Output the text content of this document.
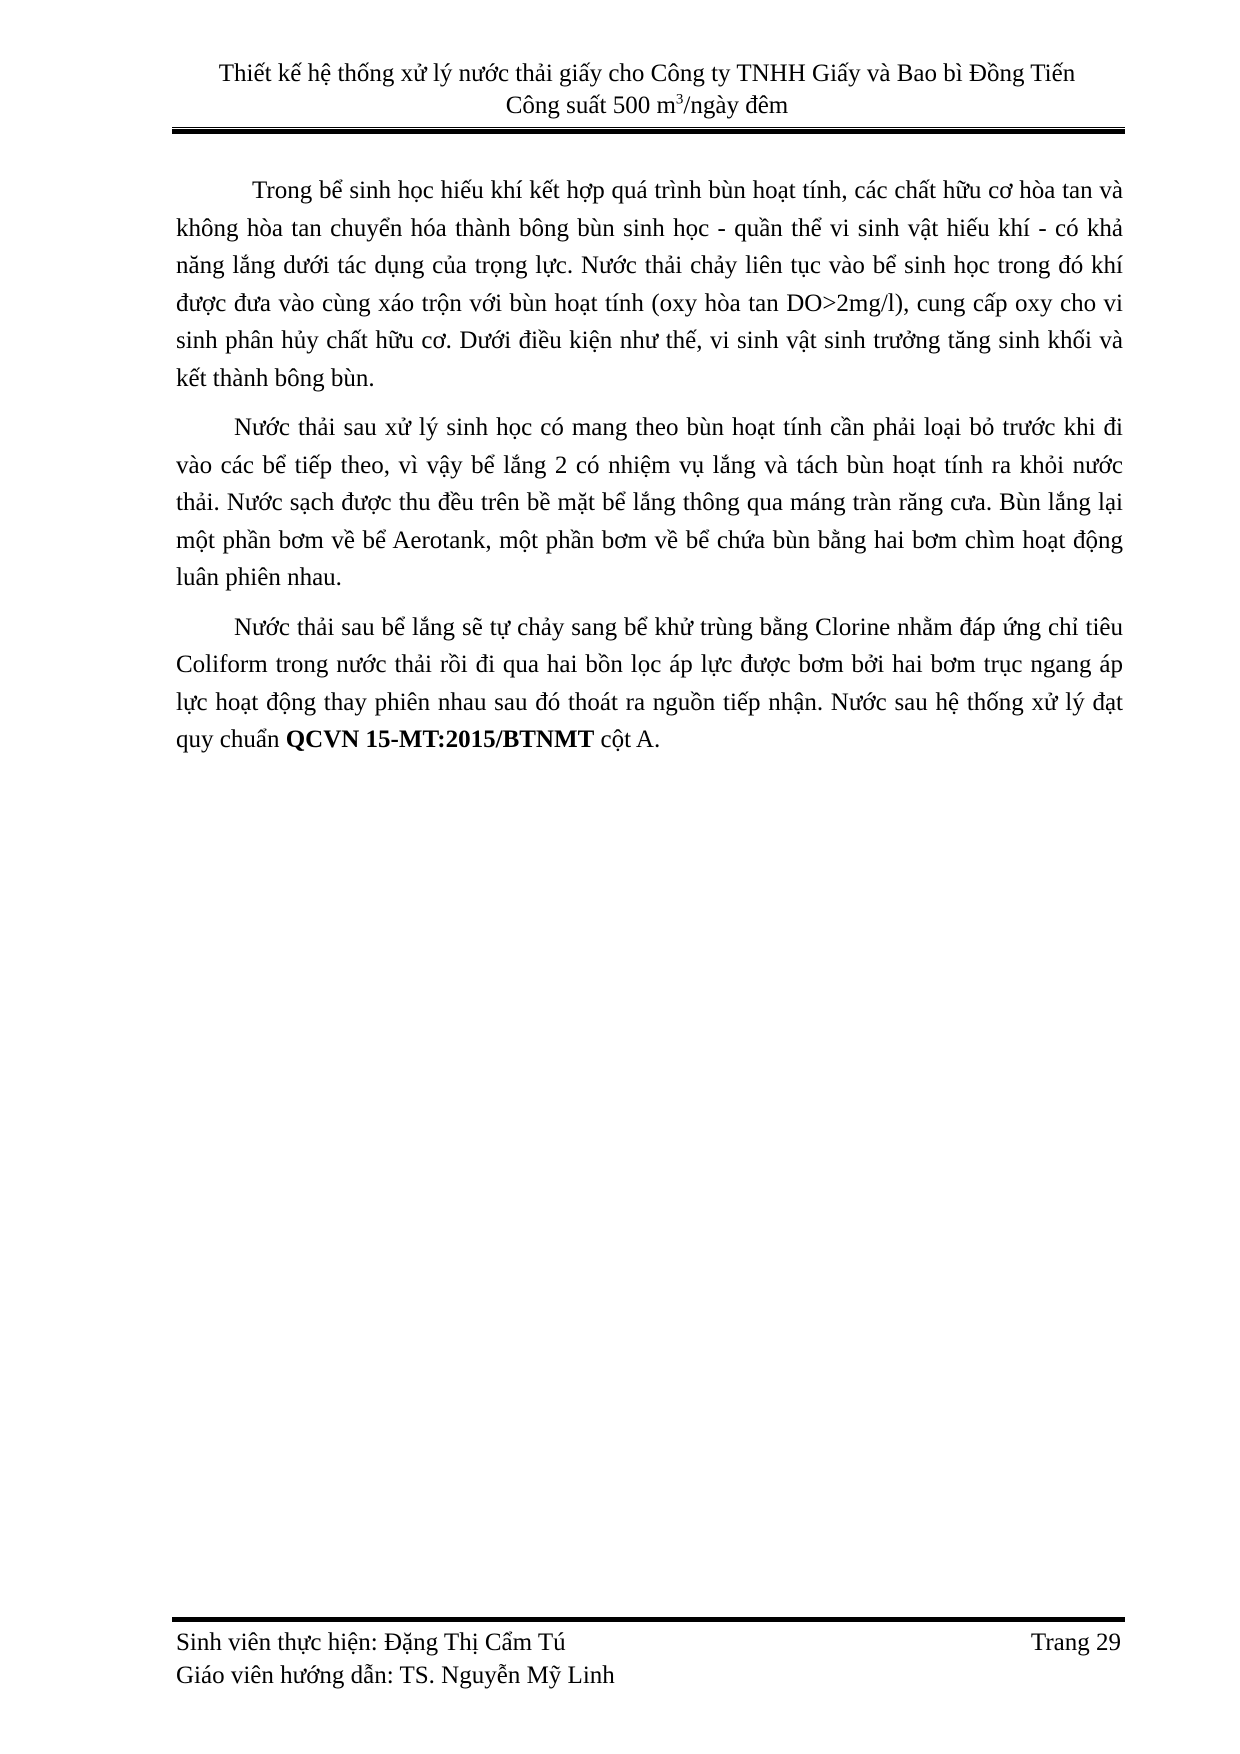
Thiết kế hệ thống xử lý nước thải giấy cho Công ty TNHH Giấy và Bao bì Đồng Tiến
Công suất 500 $m^3$/ngày đêm

Trong bể sinh học hiếu khí kết hợp quá trình bùn hoạt tính, các chất hữu cơ hòa tan và không hòa tan chuyển hóa thành bông bùn sinh học - quần thể vi sinh vật hiếu khí - có khả năng lắng dưới tác dụng của trọng lực. Nước thải chảy liên tục vào bể sinh học trong đó khí được đưa vào cùng xáo trộn với bùn hoạt tính (oxy hòa tan DO>2mg/l), cung cấp oxy cho vi sinh phân hủy chất hữu cơ. Dưới điều kiện như thế, vi sinh vật sinh trưởng tăng sinh khối và kết thành bông bùn.

Nước thải sau xử lý sinh học có mang theo bùn hoạt tính cần phải loại bỏ trước khi đi vào các bể tiếp theo, vì vậy bể lắng 2 có nhiệm vụ lắng và tách bùn hoạt tính ra khỏi nước thải. Nước sạch được thu đều trên bề mặt bể lắng thông qua máng tràn răng cưa. Bùn lắng lại một phần bơm về bể Aerotank, một phần bơm về bể chứa bùn bằng hai bơm chìm hoạt động luân phiên nhau.

Nước thải sau bể lắng sẽ tự chảy sang bể khử trùng bằng Clorine nhằm đáp ứng chỉ tiêu Coliform trong nước thải rồi đi qua hai bồn lọc áp lực được bơm bởi hai bơm trục ngang áp lực hoạt động thay phiên nhau sau đó thoát ra nguồn tiếp nhận. Nước sau hệ thống xử lý đạt quy chuẩn QCVN 15-MT:2015/BTNMT cột A.

Sinh viên thực hiện: Đặng Thị Cẩm Tú	Trang 29
Giáo viên hướng dẫn: TS. Nguyễn Mỹ Linh
